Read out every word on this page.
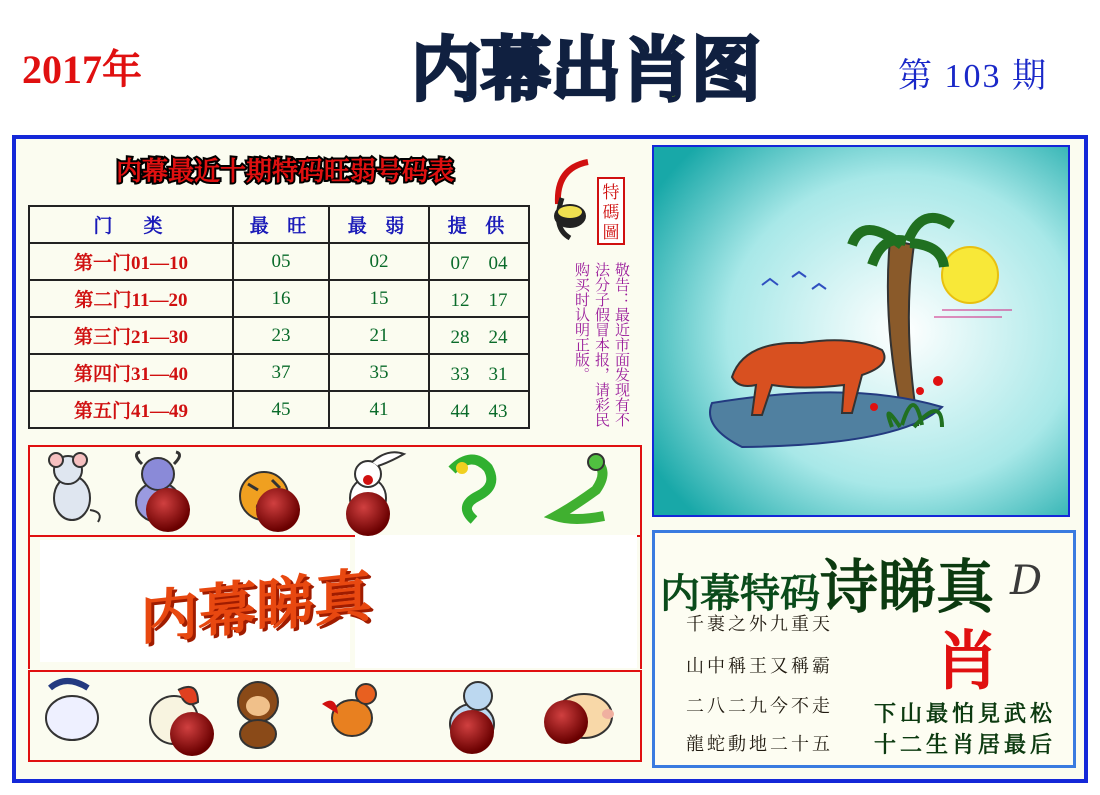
2017年	内幕出肖图	第 103 期
内幕最近十期特码旺弱号码表
门　类	最 旺	最 弱	提 供
第一门01—10	05	02	07　04
第二门11—20	16	15	12　17
第三门21—30	23	21	28　24
第四门31—40	37	35	33　31
第五门41—49	45	41	44　43
特
碼
圖
敬告：最近市面发现有不法分子假冒本报，请彩民购买时认明正版。
内幕睇真	内幕特码诗睇真 D
肖
千裹之外九重天
山中稱王又稱霸
二八二九今不走
龍蛇動地二十五
下山最怕見武松
十二生肖居最后
